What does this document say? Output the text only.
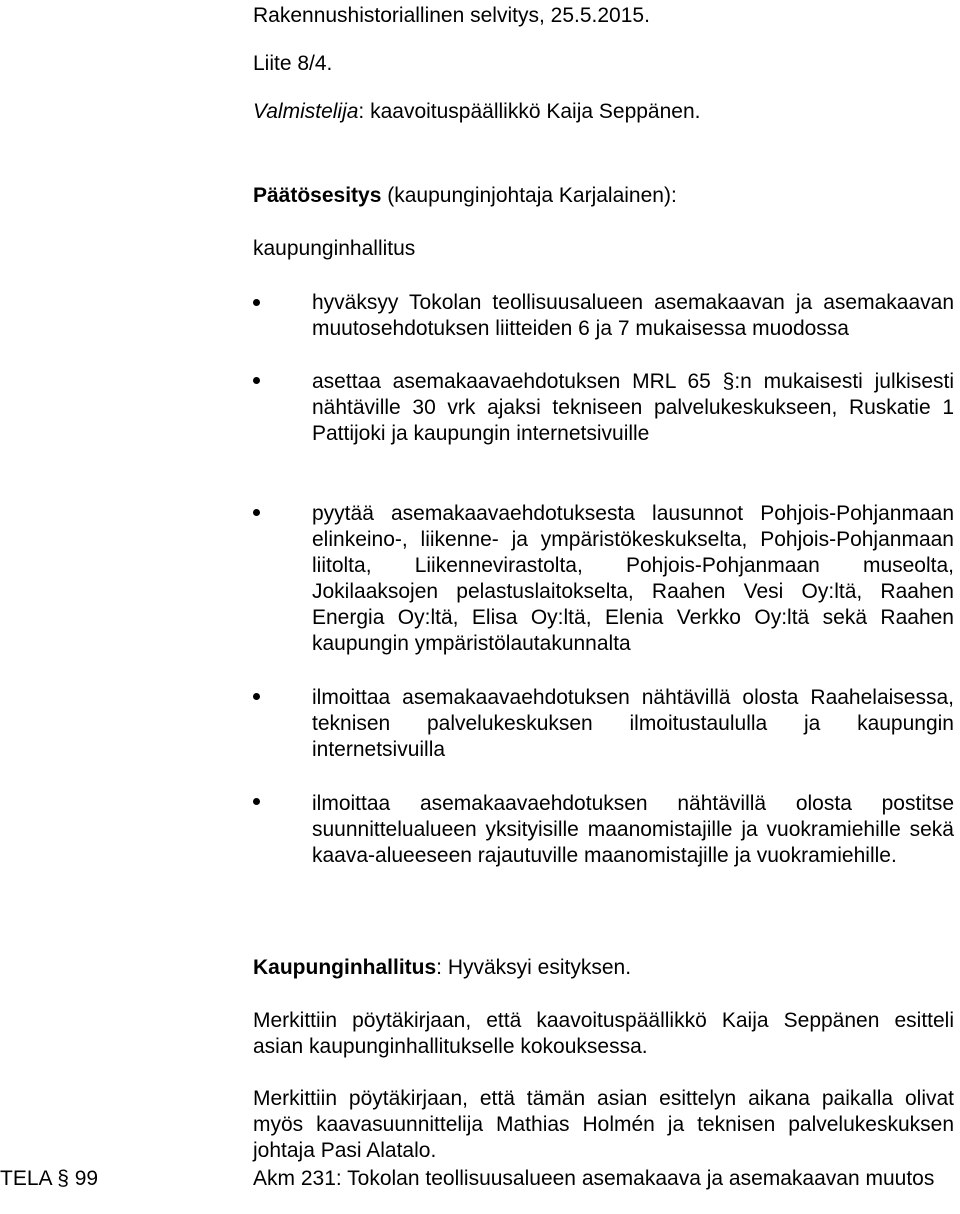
Rakennushistoriallinen selvitys, 25.5.2015.
Liite 8/4.
Valmistelija: kaavoituspäällikkö Kaija Seppänen.
Päätösesitys (kaupunginjohtaja Karjalainen):
kaupunginhallitus
hyväksyy Tokolan teollisuusalueen asemakaavan ja asemakaavan muutosehdotuksen liitteiden 6 ja 7 mukaisessa muodossa
asettaa asemakaavaehdotuksen MRL 65 §:n mukaisesti julkisesti nähtäville 30 vrk ajaksi tekniseen palvelukeskukseen, Ruskatie 1 Pattijoki ja kaupungin internetsivuille
pyytää asemakaavaehdotuksesta lausunnot Pohjois-Pohjanmaan elinkeino-, liikenne- ja ympäristökeskukselta, Pohjois-Pohjanmaan liitolta, Liikennevirastolta, Pohjois-Pohjanmaan museolta, Jokilaaksojen pelastuslaitokselta, Raahen Vesi Oy:ltä, Raahen Energia Oy:ltä, Elisa Oy:ltä, Elenia Verkko Oy:ltä sekä Raahen kaupungin ympäristölautakunnalta
ilmoittaa asemakaavaehdotuksen nähtävillä olosta Raahelaisessa, teknisen palvelukeskuksen ilmoitustaululla ja kaupungin internetsivuilla
ilmoittaa asemakaavaehdotuksen nähtävillä olosta postitse suunnittelualueen yksityisille maanomistajille ja vuokramiehille sekä kaava-alueeseen rajautuville maanomistajille ja vuokramiehille.
Kaupunginhallitus: Hyväksyi esityksen.
Merkittiin pöytäkirjaan, että kaavoituspäällikkö Kaija Seppänen esitteli asian kaupunginhallitukselle kokouksessa.
Merkittiin pöytäkirjaan, että tämän asian esittelyn aikana paikalla olivat myös kaavasuunnittelija Mathias Holmén ja teknisen palvelukeskuksen johtaja Pasi Alatalo.
TELA § 99	Akm 231: Tokolan teollisuusalueen asemakaava ja asemakaavan muutos
